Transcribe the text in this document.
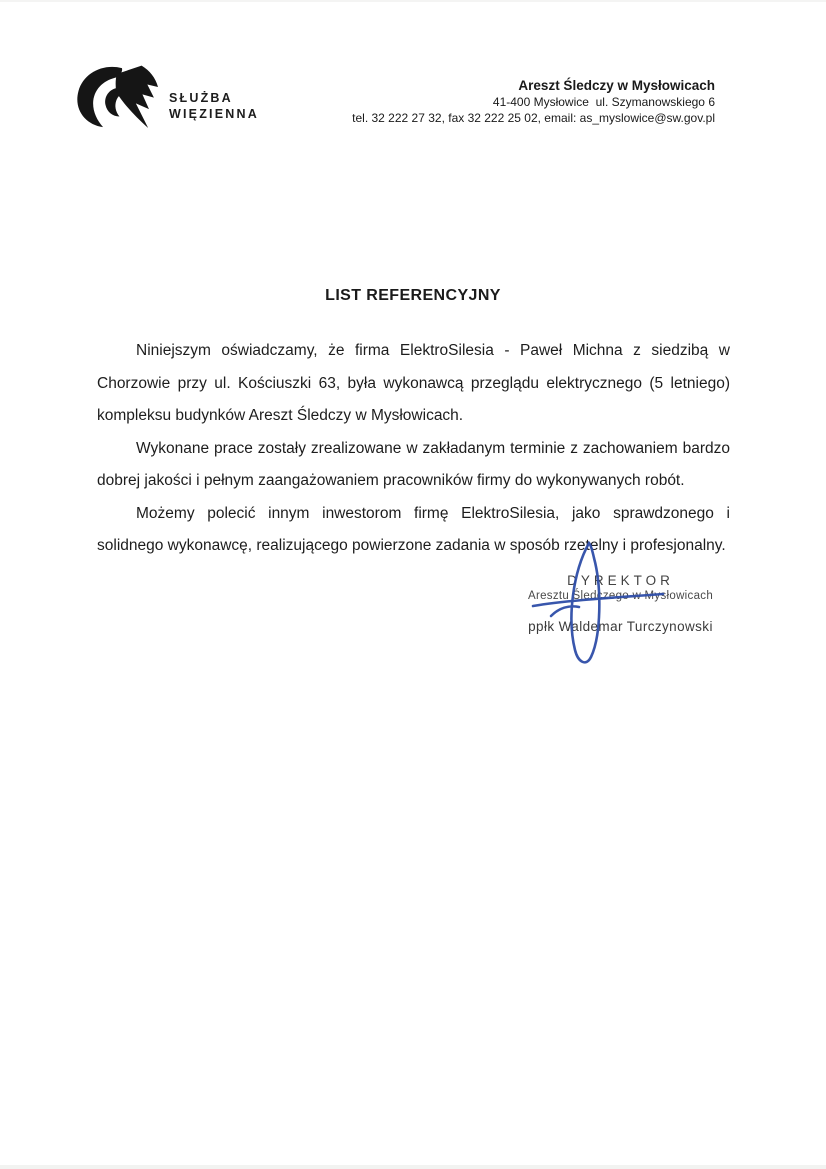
SŁUŻBA
WIĘZIENNA
Areszt Śledczy w Mysłowicach
41-400 Mysłowice  ul. Szymanowskiego 6
tel. 32 222 27 32, fax 32 222 25 02, email: as_myslowice@sw.gov.pl
LIST REFERENCYJNY

Niniejszym oświadczamy, że firma ElektroSilesia - Paweł Michna z siedzibą w Chorzowie przy ul. Kościuszki 63, była wykonawcą przeglądu elektrycznego (5 letniego) kompleksu budynków Areszt Śledczy w Mysłowicach.

Wykonane prace zostały zrealizowane w zakładanym terminie z zachowaniem bardzo dobrej jakości i pełnym zaangażowaniem pracowników firmy do wykonywanych robót.

Możemy polecić innym inwestorom firmę ElektroSilesia, jako sprawdzonego i solidnego wykonawcę, realizującego powierzone zadania w sposób rzetelny i profesjonalny.

DYREKTOR
Aresztu Śledczego w Mysłowicach
ppłk Waldemar Turczynowski
